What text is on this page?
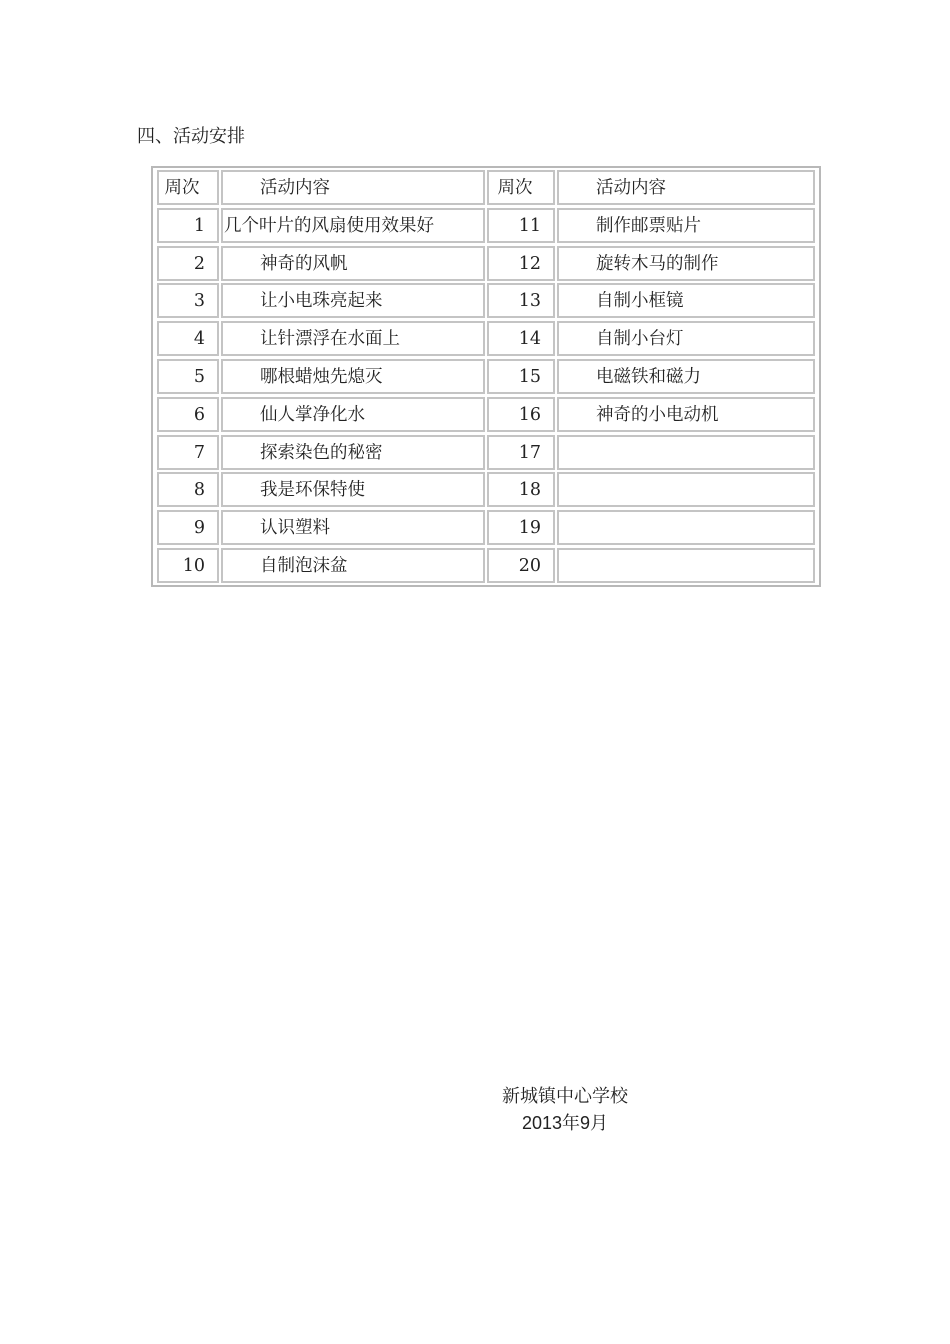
四、活动安排
周次	活动内容	周次	活动内容
1	几个叶片的风扇使用效果好	11	制作邮票贴片
2	神奇的风帆	12	旋转木马的制作
3	让小电珠亮起来	13	自制小框镜
4	让针漂浮在水面上	14	自制小台灯
5	哪根蜡烛先熄灭	15	电磁铁和磁力
6	仙人掌净化水	16	神奇的小电动机
7	探索染色的秘密	17
8	我是环保特使	18
9	认识塑料	19
10	自制泡沫盆	20
新城镇中心学校
2013年9月
